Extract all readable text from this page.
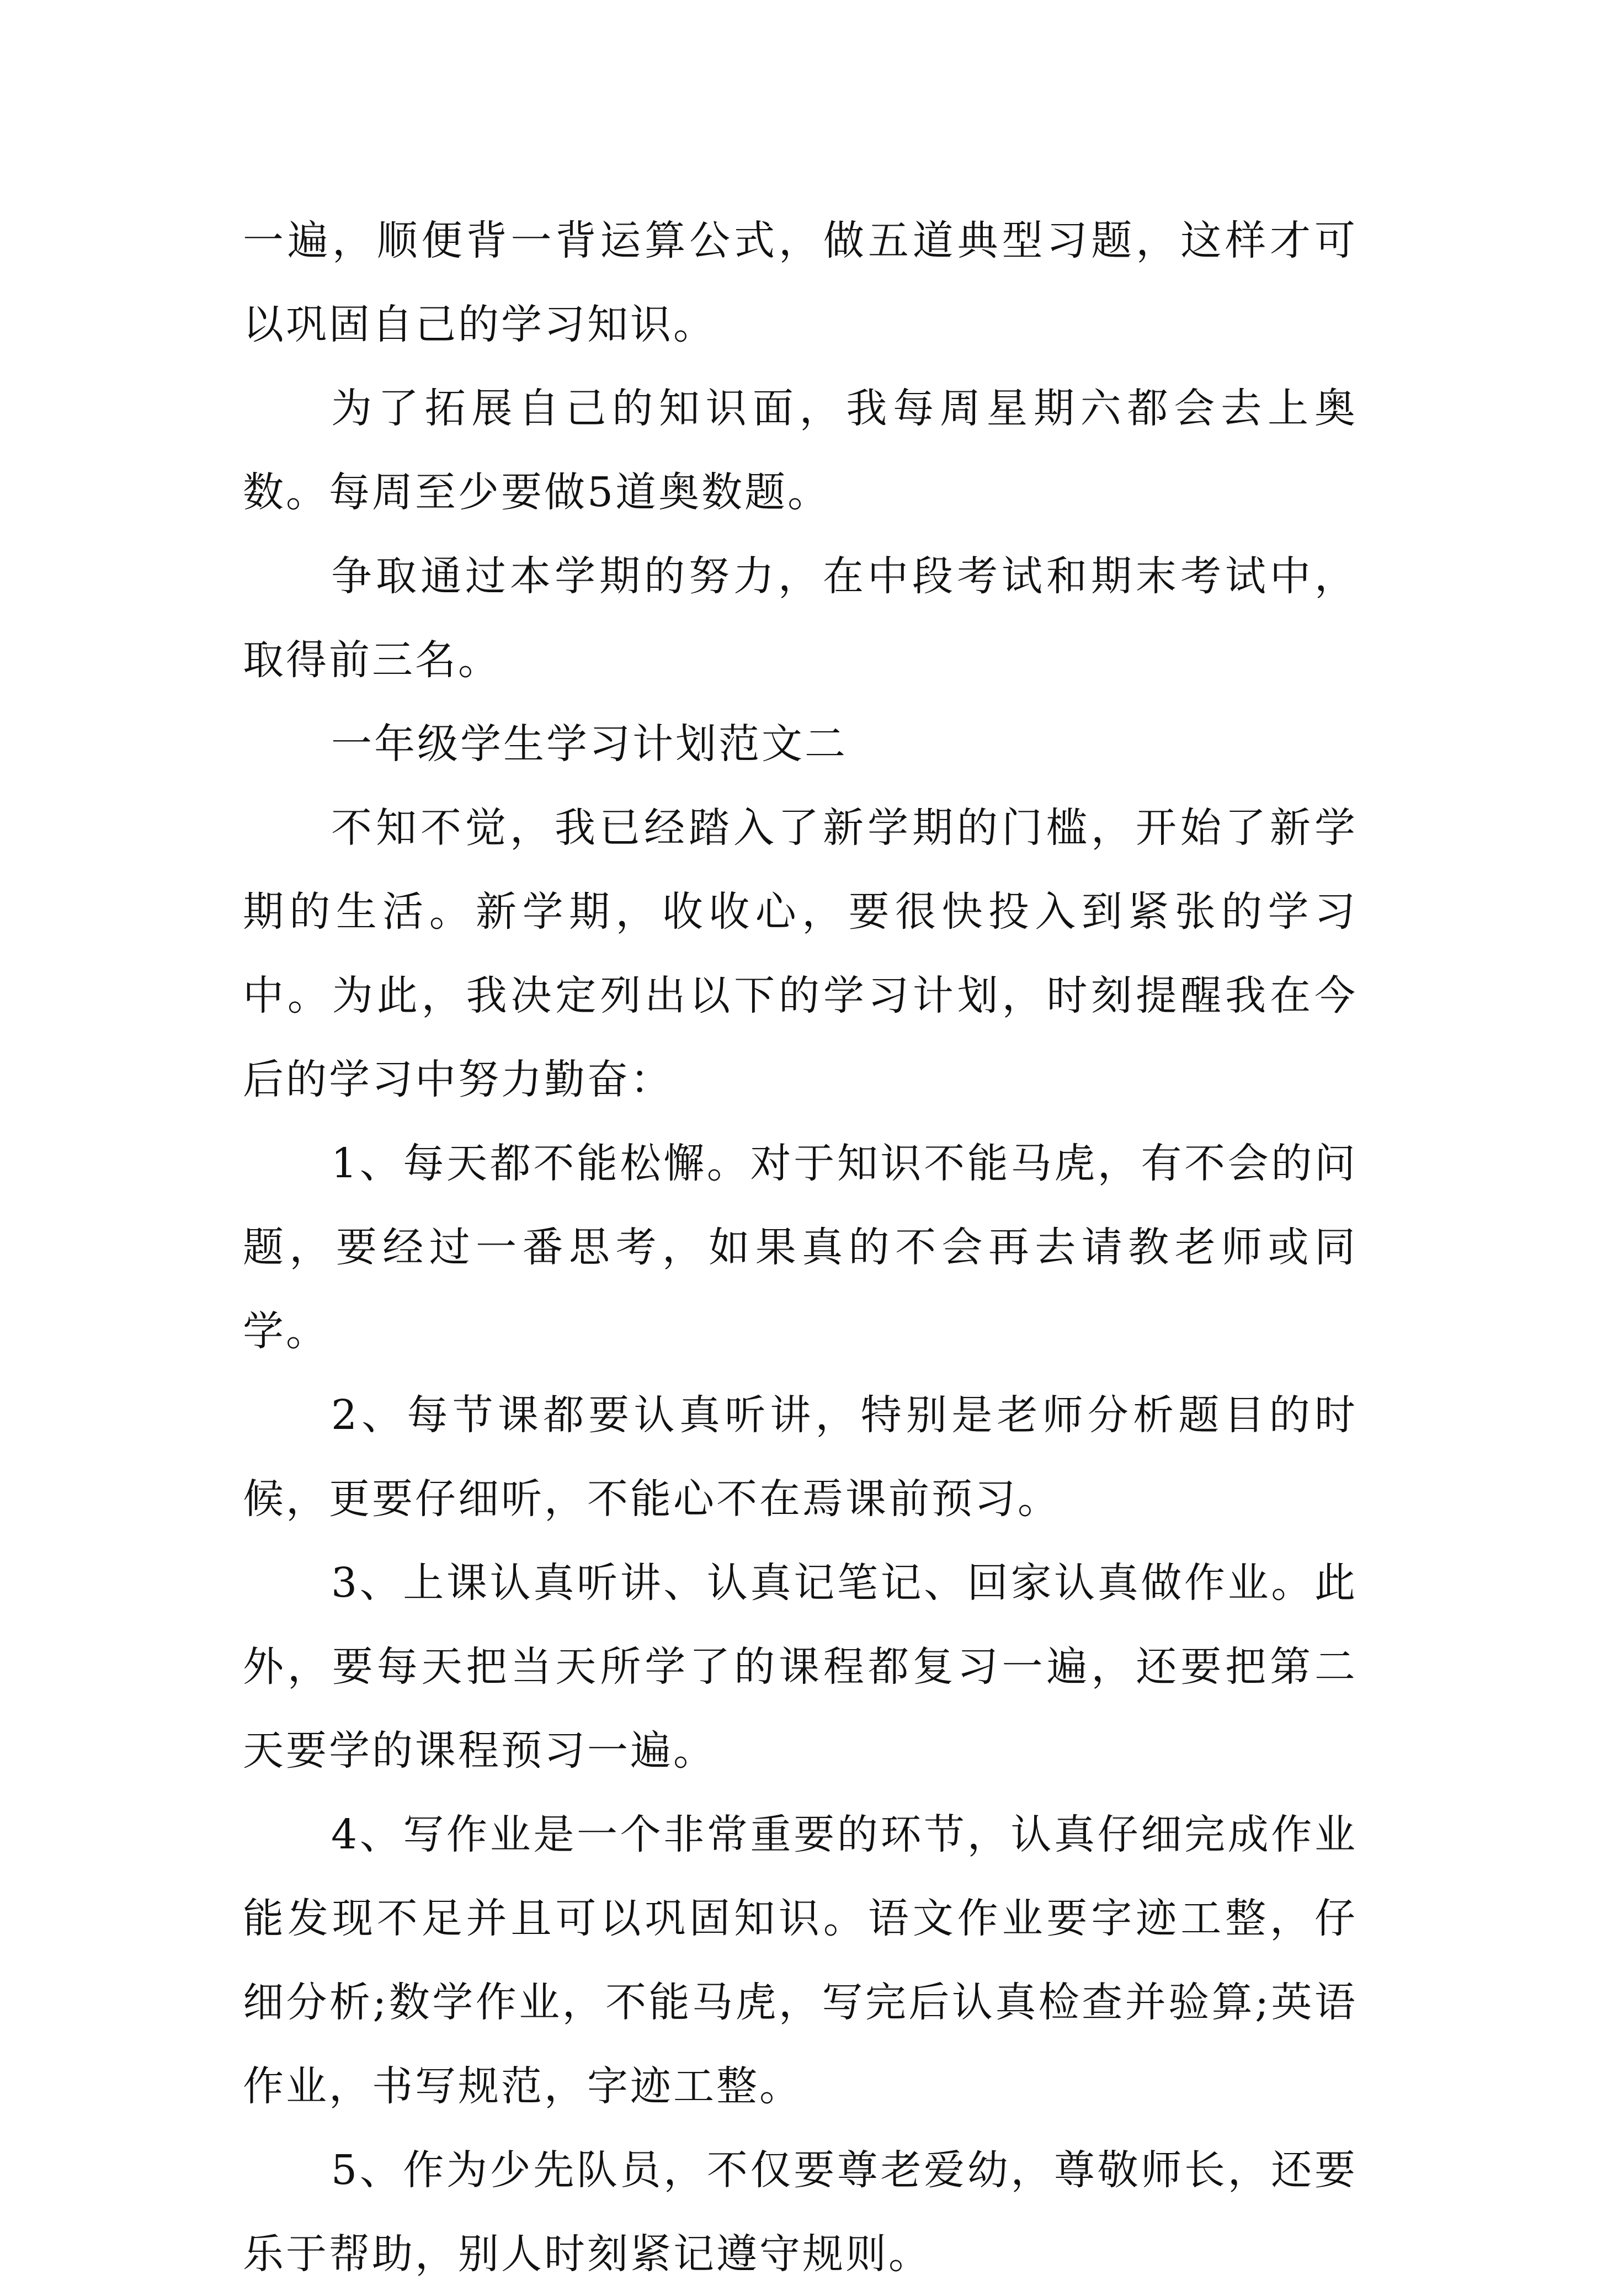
一遍，顺便背一背运算公式，做五道典型习题，这样才可以巩固自己的学习知识。

为了拓展自己的知识面，我每周星期六都会去上奥数。每周至少要做5道奥数题。

争取通过本学期的努力，在中段考试和期末考试中，取得前三名。

一年级学生学习计划范文二

不知不觉，我已经踏入了新学期的门槛，开始了新学期的生活。新学期，收收心，要很快投入到紧张的学习中。为此，我决定列出以下的学习计划，时刻提醒我在今后的学习中努力勤奋：

1、每天都不能松懈。对于知识不能马虎，有不会的问题，要经过一番思考，如果真的不会再去请教老师或同学。

2、每节课都要认真听讲，特别是老师分析题目的时候，更要仔细听，不能心不在焉课前预习。

3、上课认真听讲、认真记笔记、回家认真做作业。此外，要每天把当天所学了的课程都复习一遍，还要把第二天要学的课程预习一遍。

4、写作业是一个非常重要的环节，认真仔细完成作业能发现不足并且可以巩固知识。语文作业要字迹工整，仔细分析;数学作业，不能马虎，写完后认真检查并验算;英语作业，书写规范，字迹工整。

5、作为少先队员，不仅要尊老爱幼，尊敬师长，还要乐于帮助，别人时刻紧记遵守规则。
